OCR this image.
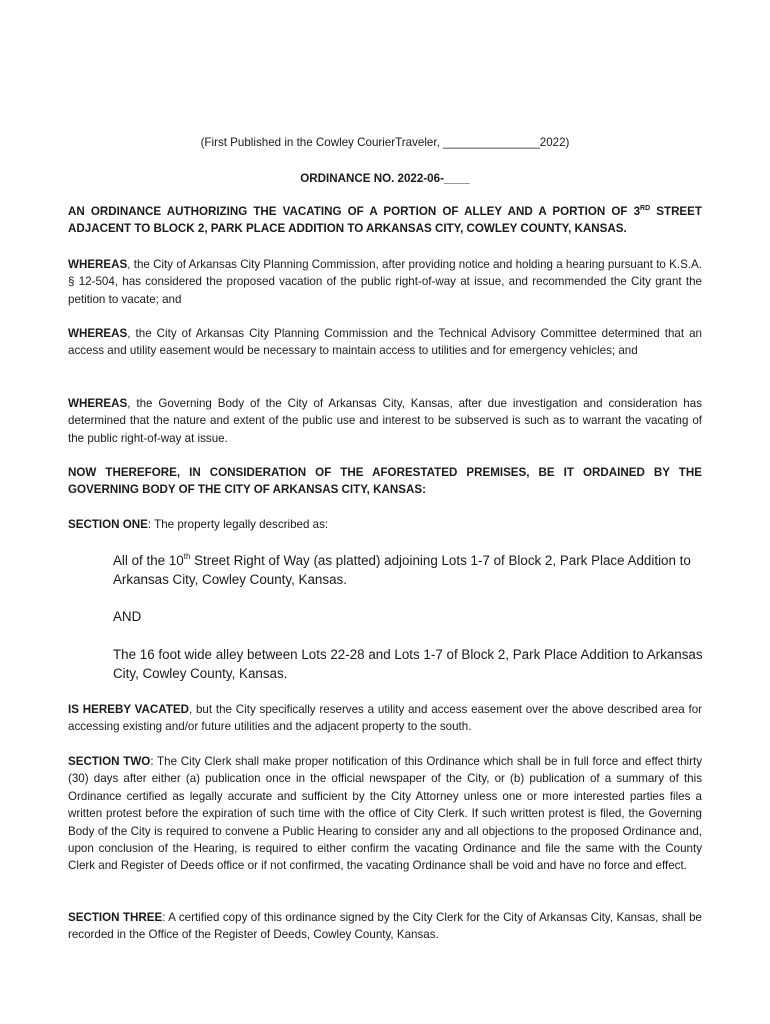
(First Published in the Cowley CourierTraveler, _______________2022)

ORDINANCE NO. 2022-06-____

AN ORDINANCE AUTHORIZING THE VACATING OF A PORTION OF ALLEY AND A PORTION OF 3RD STREET ADJACENT TO BLOCK 2, PARK PLACE ADDITION TO ARKANSAS CITY, COWLEY COUNTY, KANSAS.

WHEREAS, the City of Arkansas City Planning Commission, after providing notice and holding a hearing pursuant to K.S.A. § 12-504, has considered the proposed vacation of the public right-of-way at issue, and recommended the City grant the petition to vacate; and

WHEREAS, the City of Arkansas City Planning Commission and the Technical Advisory Committee determined that an access and utility easement would be necessary to maintain access to utilities and for emergency vehicles; and

WHEREAS, the Governing Body of the City of Arkansas City, Kansas, after due investigation and consideration has determined that the nature and extent of the public use and interest to be subserved is such as to warrant the vacating of the public right-of-way at issue.

NOW THEREFORE, IN CONSIDERATION OF THE AFORESTATED PREMISES, BE IT ORDAINED BY THE GOVERNING BODY OF THE CITY OF ARKANSAS CITY, KANSAS:

SECTION ONE: The property legally described as:

All of the 10th Street Right of Way (as platted) adjoining Lots 1-7 of Block 2, Park Place Addition to Arkansas City, Cowley County, Kansas.

AND

The 16 foot wide alley between Lots 22-28 and Lots 1-7 of Block 2, Park Place Addition to Arkansas City, Cowley County, Kansas.

IS HEREBY VACATED, but the City specifically reserves a utility and access easement over the above described area for accessing existing and/or future utilities and the adjacent property to the south.

SECTION TWO: The City Clerk shall make proper notification of this Ordinance which shall be in full force and effect thirty (30) days after either (a) publication once in the official newspaper of the City, or (b) publication of a summary of this Ordinance certified as legally accurate and sufficient by the City Attorney unless one or more interested parties files a written protest before the expiration of such time with the office of City Clerk. If such written protest is filed, the Governing Body of the City is required to convene a Public Hearing to consider any and all objections to the proposed Ordinance and, upon conclusion of the Hearing, is required to either confirm the vacating Ordinance and file the same with the County Clerk and Register of Deeds office or if not confirmed, the vacating Ordinance shall be void and have no force and effect.

SECTION THREE: A certified copy of this ordinance signed by the City Clerk for the City of Arkansas City, Kansas, shall be recorded in the Office of the Register of Deeds, Cowley County, Kansas.
